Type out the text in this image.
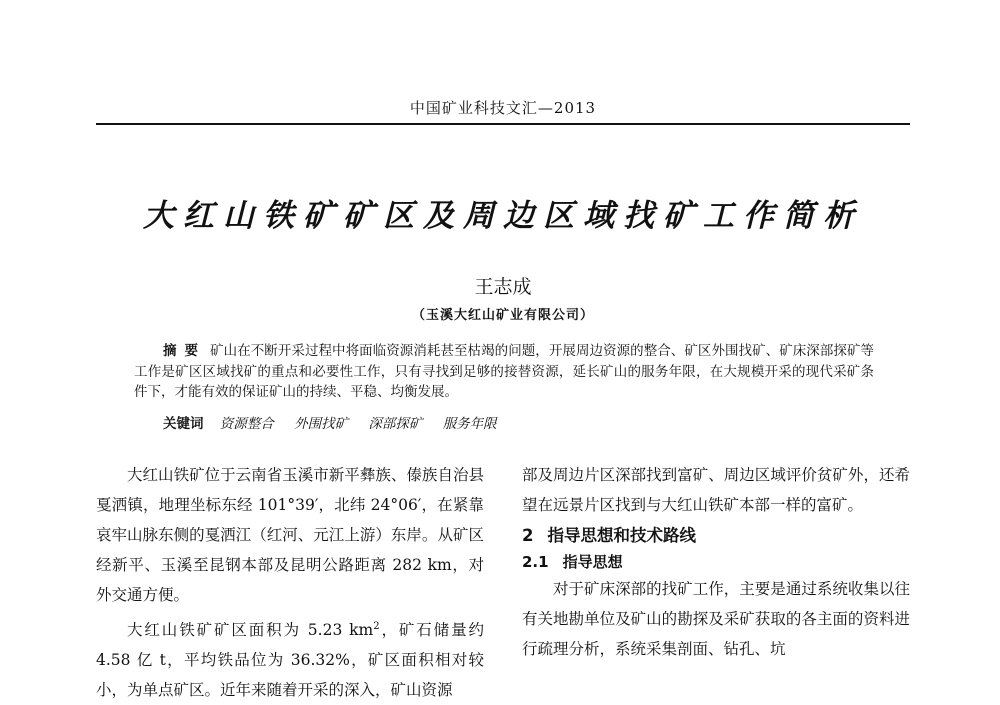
中国矿业科技文汇—2013
大红山铁矿矿区及周边区域找矿工作简析
王志成
（玉溪大红山矿业有限公司）
摘要 矿山在不断开采过程中将面临资源消耗甚至枯竭的问题，开展周边资源的整合、矿区外围找矿、矿床深部探矿等工作是矿区区域找矿的重点和必要性工作，只有寻找到足够的接替资源，延长矿山的服务年限，在大规模开采的现代采矿条件下，才能有效的保证矿山的持续、平稳、均衡发展。
关键词 资源整合 外围找矿 深部探矿 服务年限

大红山铁矿位于云南省玉溪市新平彝族、傣族自治县戛洒镇，地理坐标东经 101°39′，北纬 24°06′，在紧靠哀牢山脉东侧的戛洒江（红河、元江上游）东岸。从矿区经新平、玉溪至昆钢本部及昆明公路距离 282 km，对外交通方便。

大红山铁矿矿区面积为 5.23 $km^2$，矿石储量约 4.58 亿 t，平均铁品位为 36.32%，矿区面积相对较小，为单点矿区。近年来随着开采的深入，矿山资源

部及周边片区深部找到富矿、周边区域评价贫矿外，还希望在远景片区找到与大红山铁矿本部一样的富矿。

2 指导思想和技术路线
2.1 指导思想

对于矿床深部的找矿工作，主要是通过系统收集以往有关地勘单位及矿山的勘探及采矿获取的各主面的资料进行疏理分析，系统采集剖面、钻孔、坑
